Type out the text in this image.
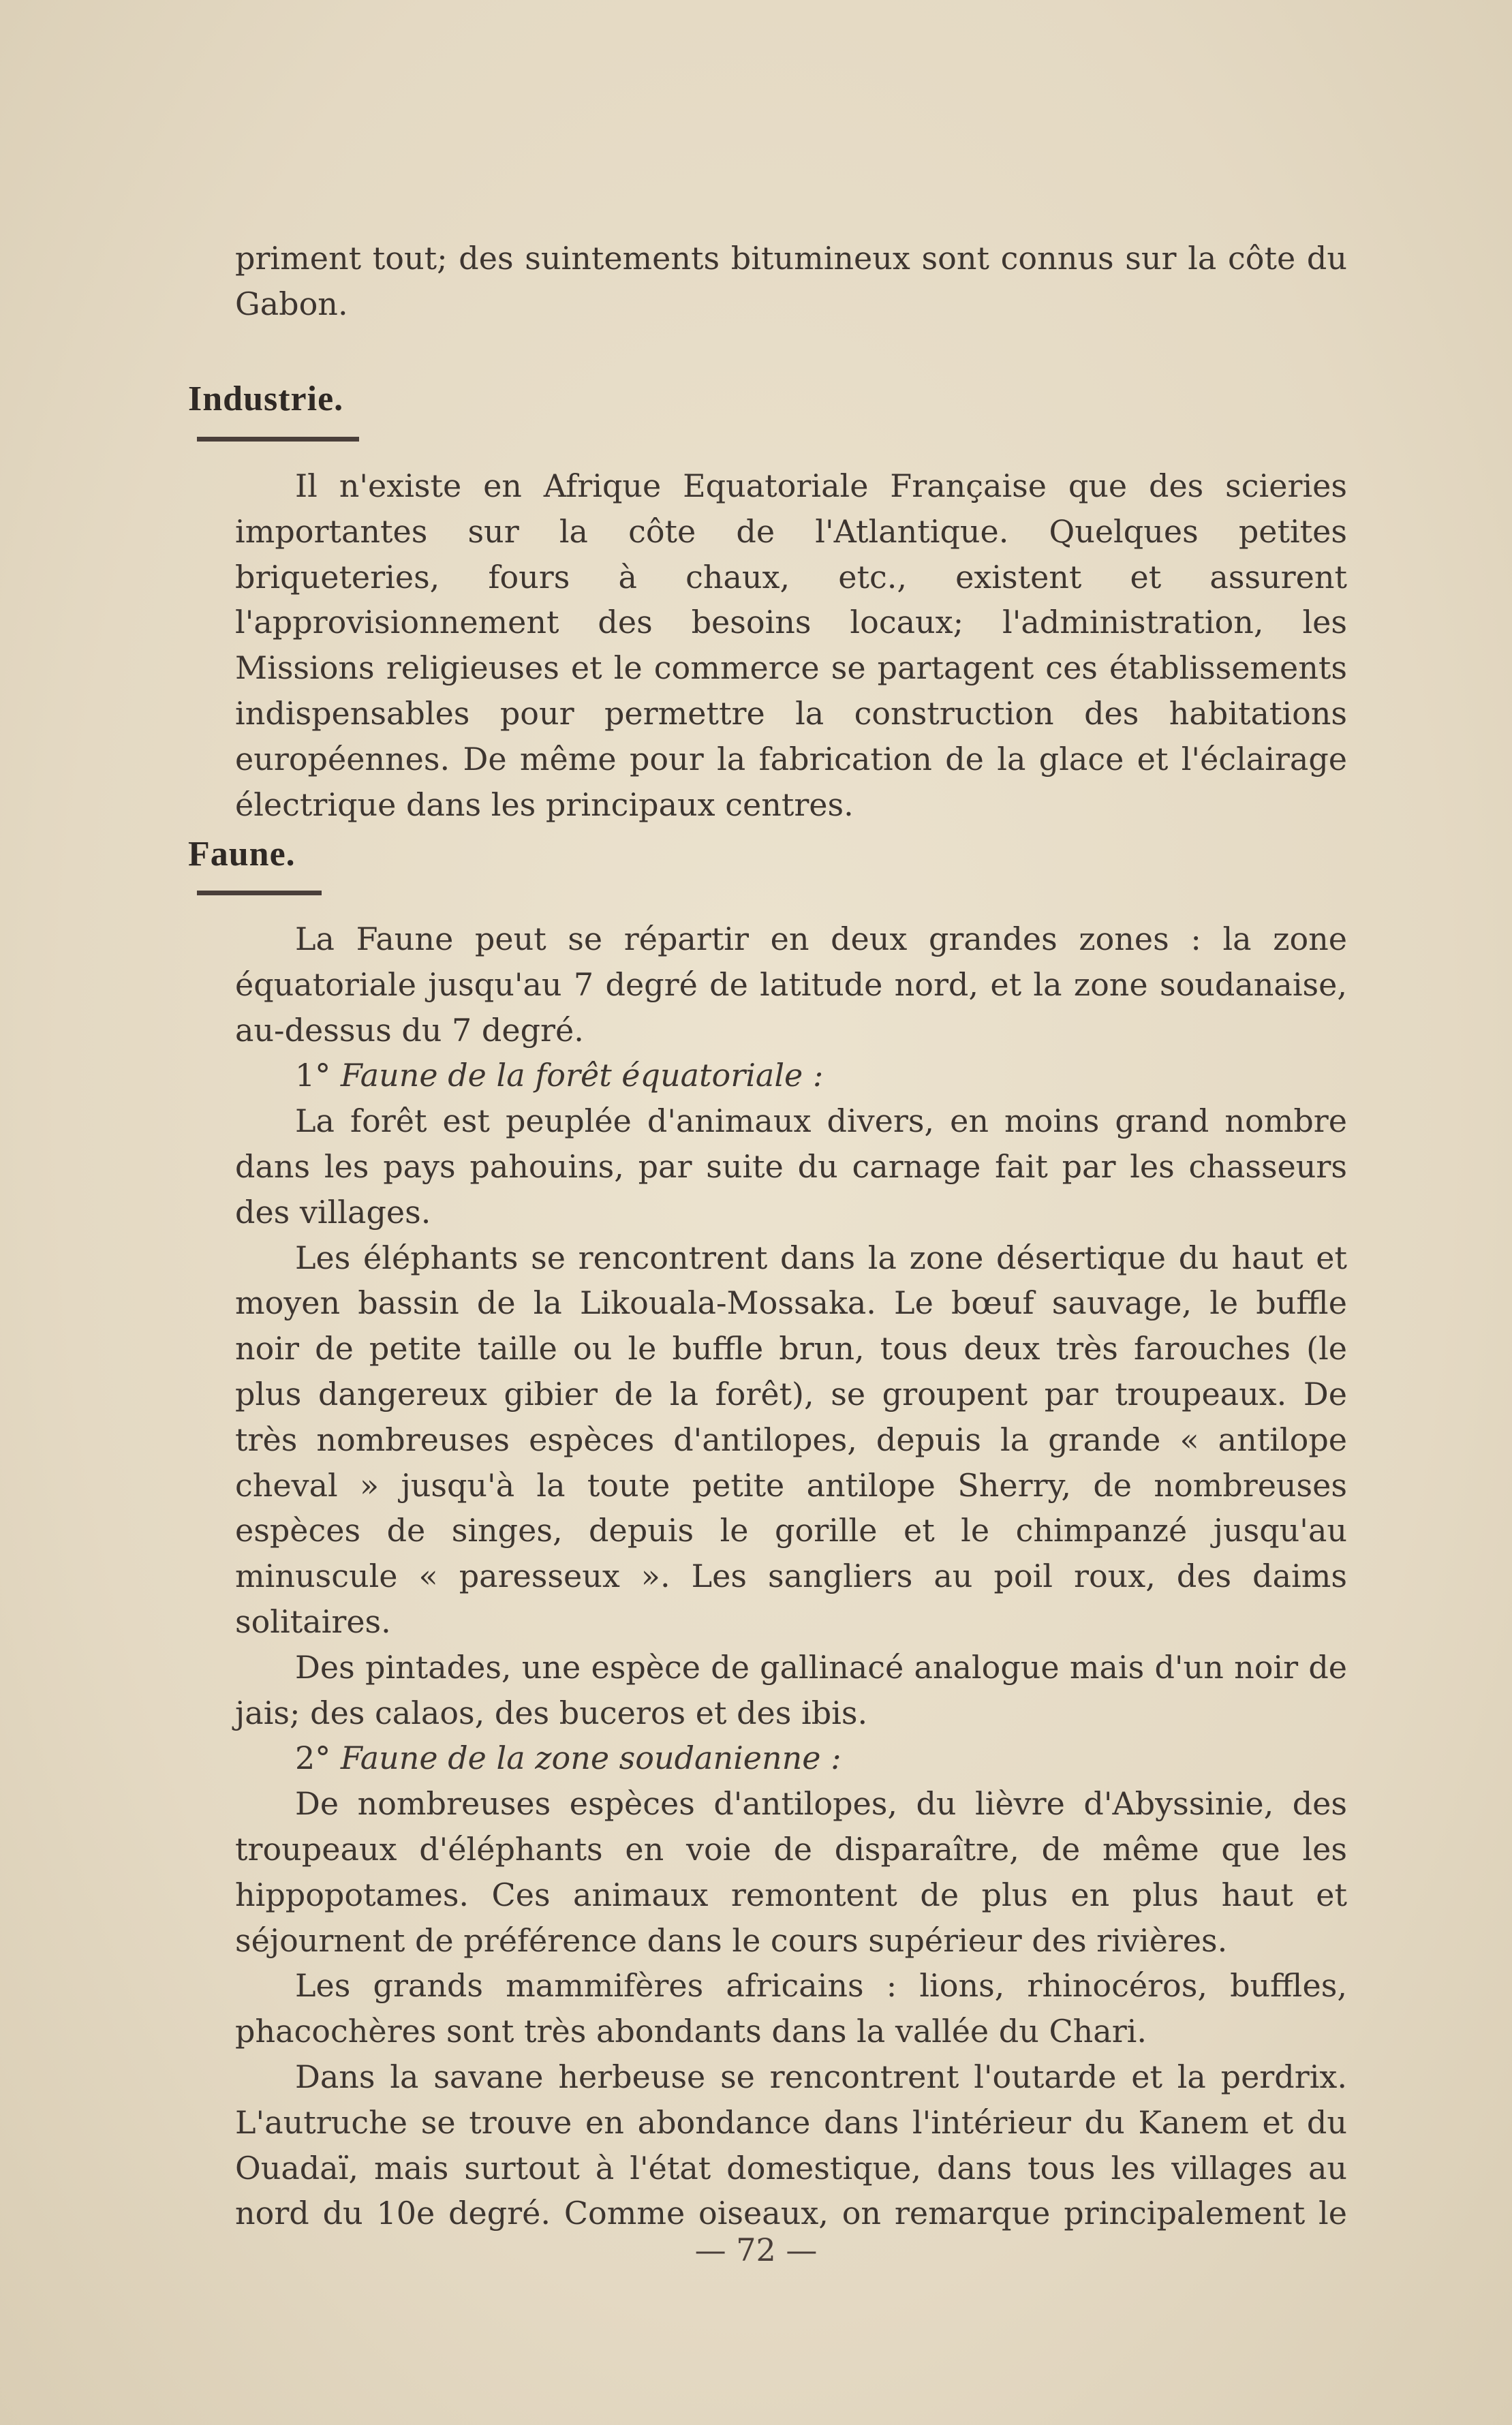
priment tout; des suintements bitumineux sont connus sur la côte du Gabon.

Industrie.

Il n'existe en Afrique Equatoriale Française que des scieries importantes sur la côte de l'Atlantique. Quelques petites briqueteries, fours à chaux, etc., existent et assurent l'approvisionnement des besoins locaux; l'administration, les Missions religieuses et le commerce se partagent ces établissements indispensables pour permettre la construction des habitations européennes. De même pour la fabrication de la glace et l'éclairage électrique dans les principaux centres.

Faune.

La Faune peut se répartir en deux grandes zones : la zone équatoriale jusqu'au 7 degré de latitude nord, et la zone soudanaise, au-dessus du 7 degré.

1° Faune de la forêt équatoriale :

La forêt est peuplée d'animaux divers, en moins grand nombre dans les pays pahouins, par suite du carnage fait par les chasseurs des villages.

Les éléphants se rencontrent dans la zone désertique du haut et moyen bassin de la Likouala-Mossaka. Le bœuf sauvage, le buffle noir de petite taille ou le buffle brun, tous deux très farouches (le plus dangereux gibier de la forêt), se groupent par troupeaux. De très nombreuses espèces d'antilopes, depuis la grande « antilope cheval » jusqu'à la toute petite antilope Sherry, de nombreuses espèces de singes, depuis le gorille et le chimpanzé jusqu'au minuscule « paresseux ». Les sangliers au poil roux, des daims solitaires.

Des pintades, une espèce de gallinacé analogue mais d'un noir de jais; des calaos, des buceros et des ibis.

2° Faune de la zone soudanienne :

De nombreuses espèces d'antilopes, du lièvre d'Abyssinie, des troupeaux d'éléphants en voie de disparaître, de même que les hippopotames. Ces animaux remontent de plus en plus haut et séjournent de préférence dans le cours supérieur des rivières.

Les grands mammifères africains : lions, rhinocéros, buffles, phacochères sont très abondants dans la vallée du Chari.

Dans la savane herbeuse se rencontrent l'outarde et la perdrix. L'autruche se trouve en abondance dans l'intérieur du Kanem et du Ouadaï, mais surtout à l'état domestique, dans tous les villages au nord du 10e degré. Comme oiseaux, on remarque principalement le

— 72 —
